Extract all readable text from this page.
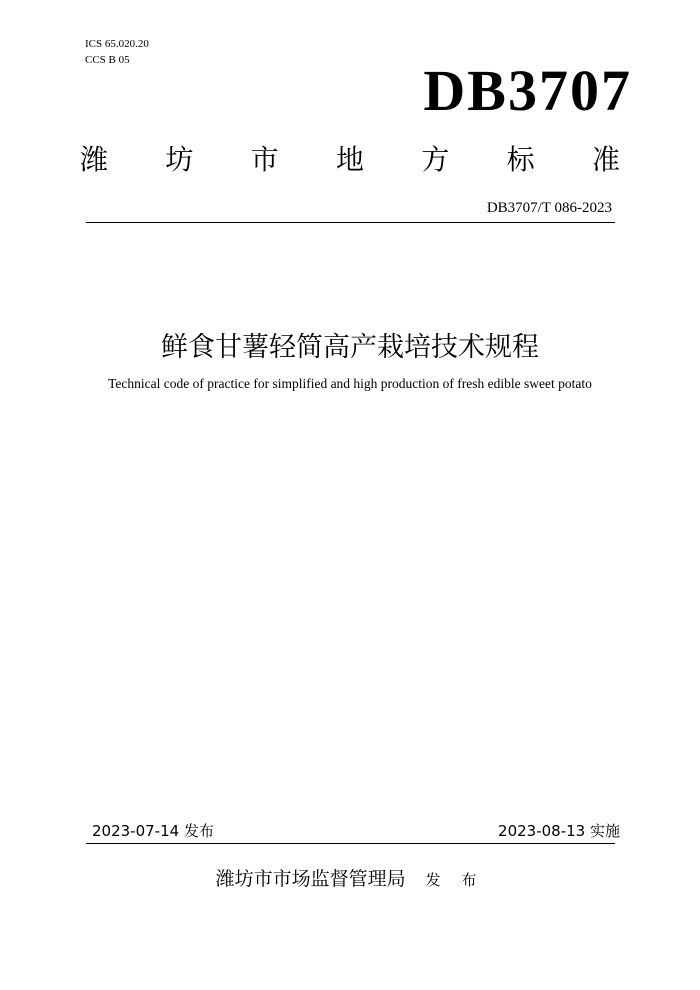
ICS 65.020.20
CCS B 05	DB3707
潍 坊 市 地 方 标 准
DB3707/T 086-2023
鲜食甘薯轻简高产栽培技术规程
Technical code of practice for simplified and high production of fresh edible sweet potato
2023-07-14 发布	2023-08-13 实施
潍坊市市场监督管理局 发 布
